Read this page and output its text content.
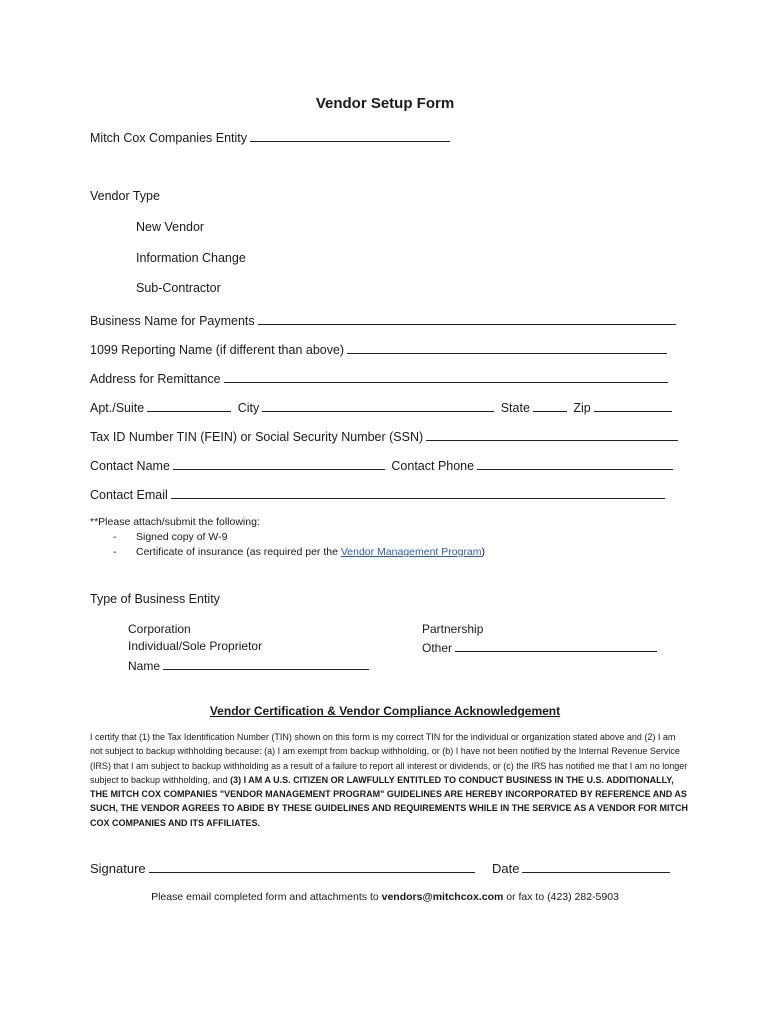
Vendor Setup Form
Mitch Cox Companies Entity
Vendor Type
New Vendor
Information Change
Sub-Contractor
Business Name for Payments
1099 Reporting Name (if different than above)
Address for Remittance
Apt./Suite	City	State	Zip
Tax ID Number TIN (FEIN) or Social Security Number (SSN)
Contact Name	Contact Phone
Contact Email
**Please attach/submit the following:
- Signed copy of W-9
- Certificate of insurance (as required per the Vendor Management Program)
Type of Business Entity
Corporation
Individual/Sole Proprietor
Name
Partnership
Other
Vendor Certification & Vendor Compliance Acknowledgement
I certify that (1) the Tax Identification Number (TIN) shown on this form is my correct TIN for the individual or organization stated above and (2) I am not subject to backup withholding because: (a) I am exempt from backup withholding, or (b) I have not been notified by the Internal Revenue Service (IRS) that I am subject to backup withholding as a result of a failure to report all interest or dividends, or (c) the IRS has notified me that I am no longer subject to backup withholding, and (3) I AM A U.S. CITIZEN OR LAWFULLY ENTITLED TO CONDUCT BUSINESS IN THE U.S. ADDITIONALLY, THE MITCH COX COMPANIES "VENDOR MANAGEMENT PROGRAM" GUIDELINES ARE HEREBY INCORPORATED BY REFERENCE AND AS SUCH, THE VENDOR AGREES TO ABIDE BY THESE GUIDELINES AND REQUIREMENTS WHILE IN THE SERVICE AS A VENDOR FOR MITCH COX COMPANIES AND ITS AFFILIATES.
Signature	Date
Please email completed form and attachments to vendors@mitchcox.com or fax to (423) 282-5903
